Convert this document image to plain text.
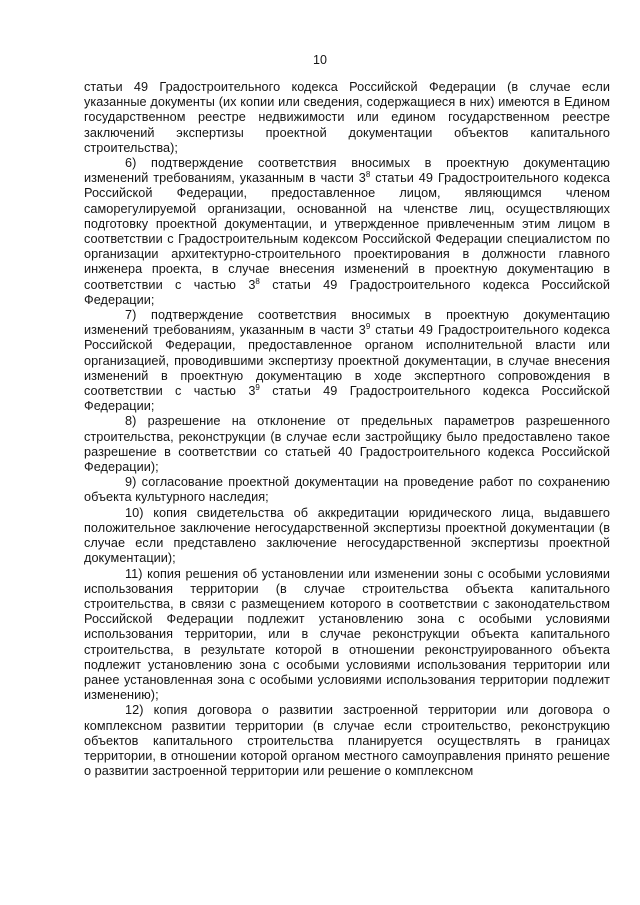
10

статьи 49 Градостроительного кодекса Российской Федерации (в случае если указанные документы (их копии или сведения, содержащиеся в них) имеются в Едином государственном реестре недвижимости или едином государственном реестре заключений экспертизы проектной документации объектов капитального строительства);

6) подтверждение соответствия вносимых в проектную документацию изменений требованиям, указанным в части $3^8$ статьи 49 Градостроительного кодекса Российской Федерации, предоставленное лицом, являющимся членом саморегулируемой организации, основанной на членстве лиц, осуществляющих подготовку проектной документации, и утвержденное привлеченным этим лицом в соответствии с Градостроительным кодексом Российской Федерации специалистом по организации архитектурно-строительного проектирования в должности главного инженера проекта, в случае внесения изменений в проектную документацию в соответствии с частью $3^8$ статьи 49 Градостроительного кодекса Российской Федерации;

7) подтверждение соответствия вносимых в проектную документацию изменений требованиям, указанным в части $3^9$ статьи 49 Градостроительного кодекса Российской Федерации, предоставленное органом исполнительной власти или организацией, проводившими экспертизу проектной документации, в случае внесения изменений в проектную документацию в ходе экспертного сопровождения в соответствии с частью $3^9$ статьи 49 Градостроительного кодекса Российской Федерации;

8) разрешение на отклонение от предельных параметров разрешенного строительства, реконструкции (в случае если застройщику было предоставлено такое разрешение в соответствии со статьей 40 Градостроительного кодекса Российской Федерации);

9) согласование проектной документации на проведение работ по сохранению объекта культурного наследия;

10) копия свидетельства об аккредитации юридического лица, выдавшего положительное заключение негосударственной экспертизы проектной документации (в случае если представлено заключение негосударственной экспертизы проектной документации);

11) копия решения об установлении или изменении зоны с особыми условиями использования территории (в случае строительства объекта капитального строительства, в связи с размещением которого в соответствии с законодательством Российской Федерации подлежит установлению зона с особыми условиями использования территории, или в случае реконструкции объекта капитального строительства, в результате которой в отношении реконструированного объекта подлежит установлению зона с особыми условиями использования территории или ранее установленная зона с особыми условиями использования территории подлежит изменению);

12) копия договора о развитии застроенной территории или договора о комплексном развитии территории (в случае если строительство, реконструкцию объектов капитального строительства планируется осуществлять в границах территории, в отношении которой органом местного самоуправления принято решение о развитии застроенной территории или решение о комплексном
